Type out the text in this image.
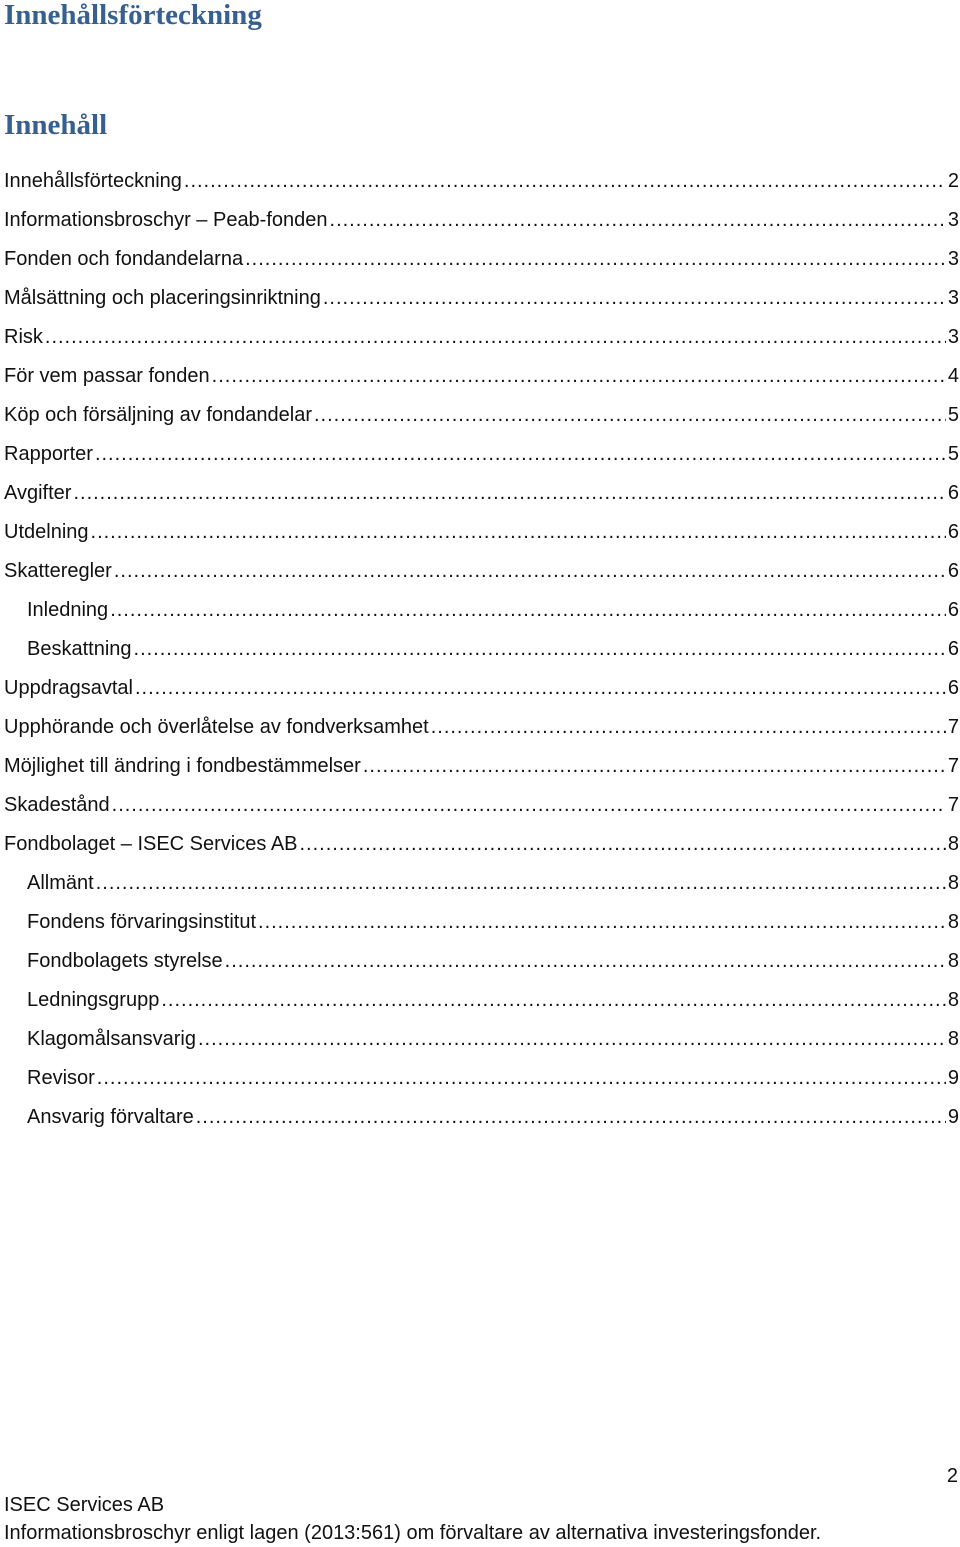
Innehållsförteckning
Innehåll
Innehållsförteckning .....	2
Informationsbroschyr – Peab-fonden .....	3
Fonden och fondandelarna .....	3
Målsättning och placeringsinriktning .....	3
Risk .....	3
För vem passar fonden .....	4
Köp och försäljning av fondandelar .....	5
Rapporter .....	5
Avgifter .....	6
Utdelning .....	6
Skatteregler .....	6
Inledning .....	6
Beskattning .....	6
Uppdragsavtal .....	6
Upphörande och överlåtelse av fondverksamhet .....	7
Möjlighet till ändring i fondbestämmelser .....	7
Skadestånd .....	7
Fondbolaget – ISEC Services AB .....	8
Allmänt .....	8
Fondens förvaringsinstitut .....	8
Fondbolagets styrelse .....	8
Ledningsgrupp .....	8
Klagomålsansvarig .....	8
Revisor .....	9
Ansvarig förvaltare .....	9
2
ISEC Services AB
Informationsbroschyr enligt lagen (2013:561) om förvaltare av alternativa investeringsfonder.
